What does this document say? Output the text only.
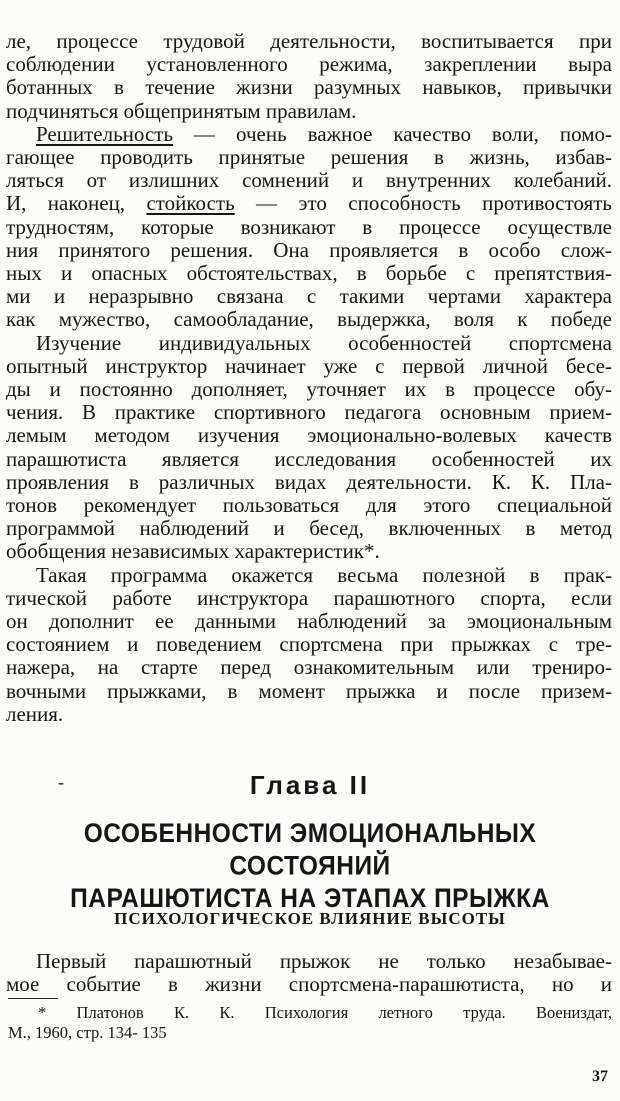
ле, процессе трудовой деятельности, воспитывается при
соблюдении установленного режима, закреплении выра
ботанных в течение жизни разумных навыков, привычки
подчиняться общепринятым правилам.
Решительность — очень важное качество воли, помо-
гающее проводить принятые решения в жизнь, избав-
ляться от излишних сомнений и внутренних колебаний.
И, наконец, стойкость — это способность противостоять
трудностям, которые возникают в процессе осуществле
ния принятого решения. Она проявляется в особо слож-
ных и опасных обстоятельствах, в борьбе с препятствия-
ми и неразрывно связана с такими чертами характера
как мужество, самообладание, выдержка, воля к победе
Изучение индивидуальных особенностей спортсмена
опытный инструктор начинает уже с первой личной бесе-
ды и постоянно дополняет, уточняет их в процессе обу-
чения. В практике спортивного педагога основным прием-
лемым методом изучения эмоционально-волевых качеств
парашютиста является исследования особенностей их
проявления в различных видах деятельности. К. К. Пла-
тонов рекомендует пользоваться для этого специальной
программой наблюдений и бесед, включенных в метод
обобщения независимых характеристик*.
Такая программа окажется весьма полезной в прак-
тической работе инструктора парашютного спорта, если
он дополнит ее данными наблюдений за эмоциональным
состоянием и поведением спортсмена при прыжках с тре-
нажера, на старте перед ознакомительным или трениро-
вочными прыжками, в момент прыжка и после призем-
ления.
-	Глава II
ОСОБЕННОСТИ ЭМОЦИОНАЛЬНЫХ СОСТОЯНИЙ
ПАРАШЮТИСТА НА ЭТАПАХ ПРЫЖКА
ПСИХОЛОГИЧЕСКОЕ ВЛИЯНИЕ ВЫСОТЫ
Первый парашютный прыжок не только незабывае-
мое событие в жизни спортсмена-парашютиста, но и
* Платонов К. К. Психология летного труда. Воениздат,
М., 1960, стр. 134- 135
37
